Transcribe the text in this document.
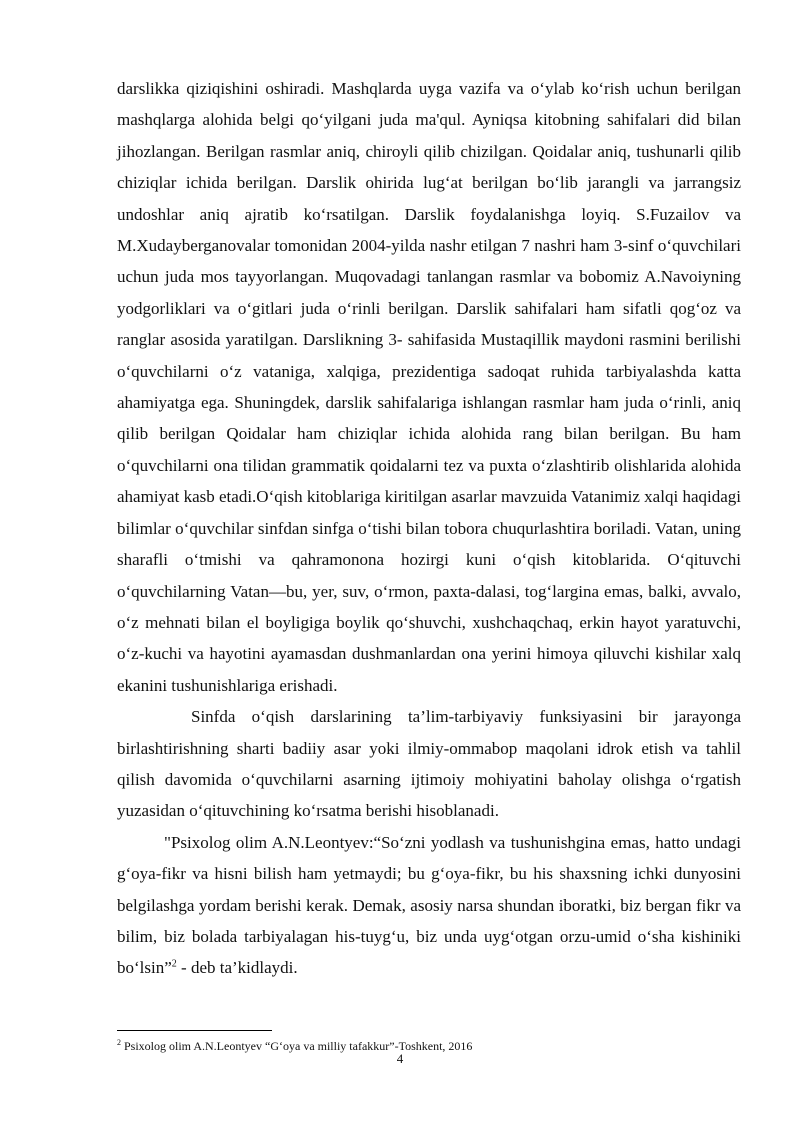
darslikka qiziqishini oshiradi. Mashqlarda uyga vazifa va o‘ylab ko‘rish uchun berilgan mashqlarga alohida belgi qo‘yilgani juda ma'qul. Ayniqsa kitobning sahifalari did bilan jihozlangan. Berilgan rasmlar aniq, chiroyli qilib chizilgan. Qoidalar aniq, tushunarli qilib chiziqlar ichida berilgan. Darslik ohirida lug‘at berilgan bo‘lib jarangli va jarrangsiz undoshlar aniq ajratib ko‘rsatilgan. Darslik foydalanishga loyiq. S.Fuzailov va M.Xudayberganovalar tomonidan 2004-yilda nashr etilgan 7 nashri ham 3-sinf o‘quvchilari uchun juda mos tayyorlangan. Muqovadagi tanlangan rasmlar va bobomiz A.Navoiyning yodgorliklari va o‘gitlari juda o‘rinli berilgan. Darslik sahifalari ham sifatli qog‘oz va ranglar asosida yaratilgan. Darslikning 3- sahifasida Mustaqillik maydoni rasmini berilishi o‘quvchilarni o‘z vataniga, xalqiga, prezidentiga sadoqat ruhida tarbiyalashda katta ahamiyatga ega. Shuningdek, darslik sahifalariga ishlangan rasmlar ham juda o‘rinli, aniq qilib berilgan Qoidalar ham chiziqlar ichida alohida rang bilan berilgan. Bu ham o‘quvchilarni ona tilidan grammatik qoidalarni tez va puxta o‘zlashtirib olishlarida alohida ahamiyat kasb etadi.O‘qish kitoblariga kiritilgan asarlar mavzuida Vatanimiz xalqi haqidagi bilimlar o‘quvchilar sinfdan sinfga o‘tishi bilan tobora chuqurlashtira boriladi. Vatan, uning sharafli o‘tmishi va qahramonona hozirgi kuni o‘qish kitoblarida. O‘qituvchi o‘quvchilarning Vatan—bu, yer, suv, o‘rmon, paxta-dalasi, tog‘largina emas, balki, avvalo, o‘z mehnati bilan el boyligiga boylik qo‘shuvchi, xushchaqchaq, erkin hayot yaratuvchi, o‘z-kuchi va hayotini ayamasdan dushmanlardan ona yerini himoya qiluvchi kishilar xalq ekanini tushunishlariga erishadi.

Sinfda o‘qish darslarining ta’lim-tarbiyaviy funksiyasini bir jarayonga birlashtirishning sharti badiiy asar yoki ilmiy-ommabop maqolani idrok etish va tahlil qilish davomida o‘quvchilarni asarning ijtimoiy mohiyatini baholay olishga o‘rgatish yuzasidan o‘qituvchining ko‘rsatma berishi hisoblanadi.

"Psixolog olim A.N.Leontyev:“So‘zni yodlash va tushunishgina emas, hatto undagi g‘oya-fikr va hisni bilish ham yetmaydi; bu g‘oya-fikr, bu his shaxsning ichki dunyosini belgilashga yordam berishi kerak. Demak, asosiy narsa shundan iboratki, biz bergan fikr va bilim, biz bolada tarbiyalagan his-tuyg‘u, biz unda uyg‘otgan orzu-umid o‘sha kishiniki bo‘lsin”$^2$ - deb ta’kidlaydi.

$^2$ Psixolog olim A.N.Leontyev “G‘oya va milliy tafakkur”-Toshkent, 2016

4
